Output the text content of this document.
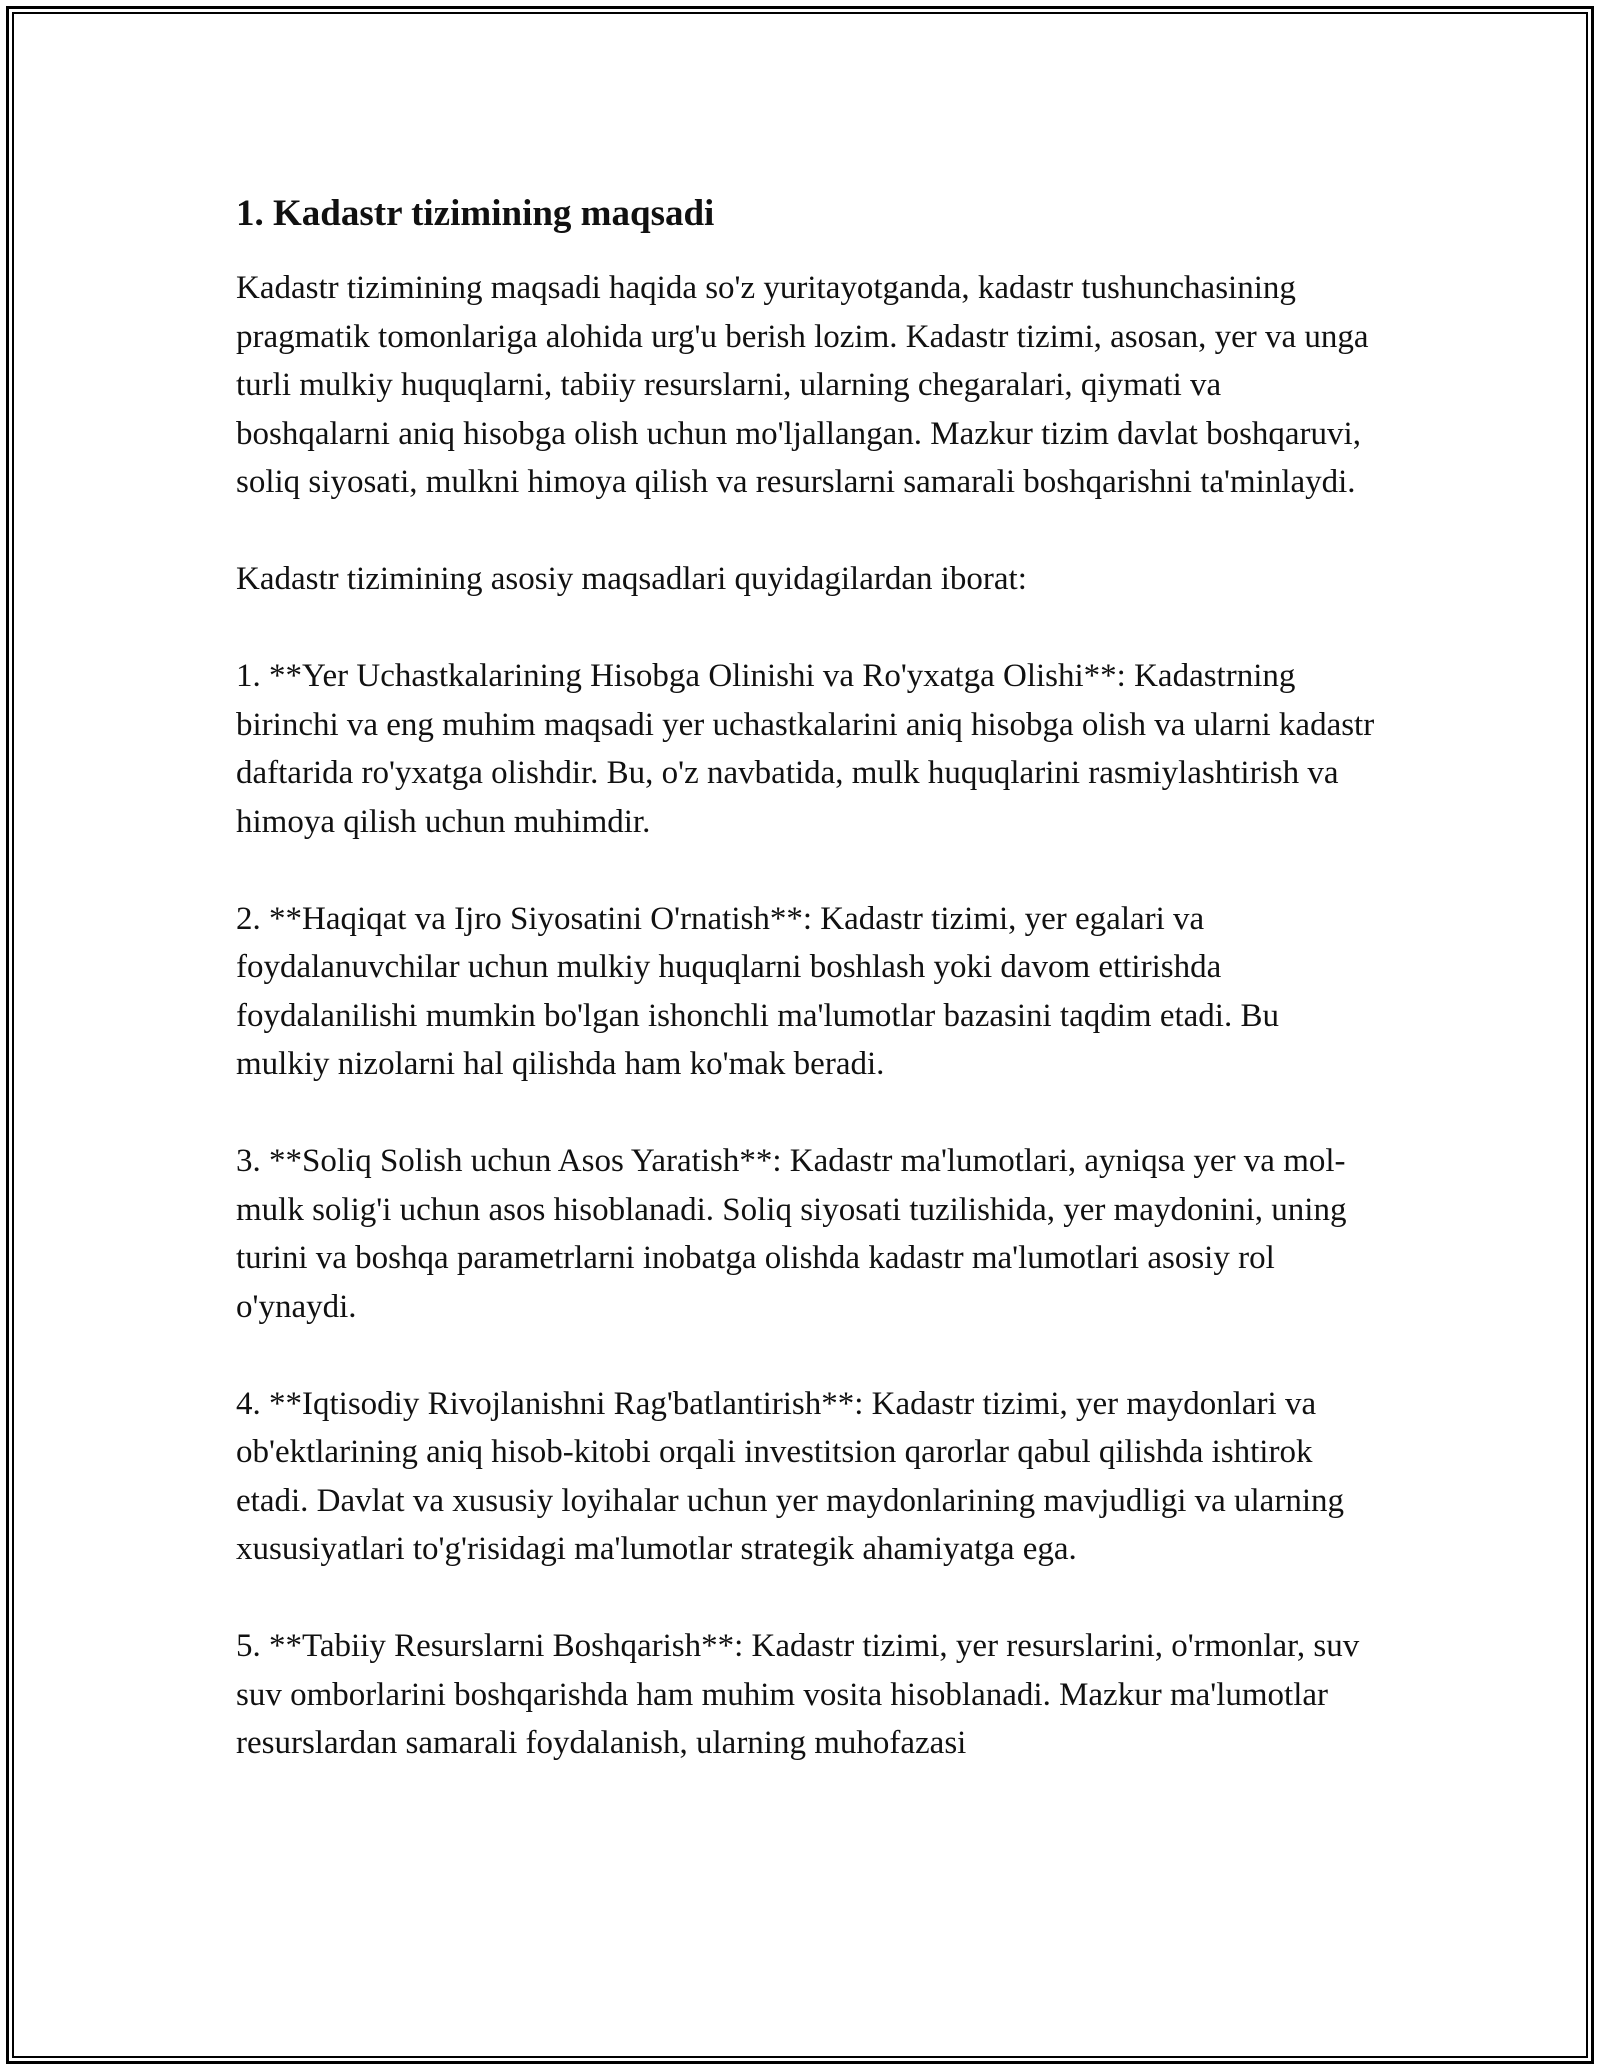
1. Kadastr tizimining maqsadi

Kadastr tizimining maqsadi haqida so'z yuritayotganda, kadastr tushunchasining pragmatik tomonlariga alohida urg'u berish lozim. Kadastr tizimi, asosan, yer va unga turli mulkiy huquqlarni, tabiiy resurslarni, ularning chegaralari, qiymati va boshqalarni aniq hisobga olish uchun mo'ljallangan. Mazkur tizim davlat boshqaruvi, soliq siyosati, mulkni himoya qilish va resurslarni samarali boshqarishni ta'minlaydi.

Kadastr tizimining asosiy maqsadlari quyidagilardan iborat:

1. **Yer Uchastkalarining Hisobga Olinishi va Ro'yxatga Olishi**: Kadastrning birinchi va eng muhim maqsadi yer uchastkalarini aniq hisobga olish va ularni kadastr daftarida ro'yxatga olishdir. Bu, o'z navbatida, mulk huquqlarini rasmiylashtirish va himoya qilish uchun muhimdir.

2. **Haqiqat va Ijro Siyosatini O'rnatish**: Kadastr tizimi, yer egalari va foydalanuvchilar uchun mulkiy huquqlarni boshlash yoki davom ettirishda foydalanilishi mumkin bo'lgan ishonchli ma'lumotlar bazasini taqdim etadi. Bu mulkiy nizolarni hal qilishda ham ko'mak beradi.

3. **Soliq Solish uchun Asos Yaratish**: Kadastr ma'lumotlari, ayniqsa yer va mol-mulk solig'i uchun asos hisoblanadi. Soliq siyosati tuzilishida, yer maydonini, uning turini va boshqa parametrlarni inobatga olishda kadastr ma'lumotlari asosiy rol o'ynaydi.

4. **Iqtisodiy Rivojlanishni Rag'batlantirish**: Kadastr tizimi, yer maydonlari va ob'ektlarining aniq hisob-kitobi orqali investitsion qarorlar qabul qilishda ishtirok etadi. Davlat va xususiy loyihalar uchun yer maydonlarining mavjudligi va ularning xususiyatlari to'g'risidagi ma'lumotlar strategik ahamiyatga ega.

5. **Tabiiy Resurslarni Boshqarish**: Kadastr tizimi, yer resurslarini, o'rmonlar, suv suv omborlarini boshqarishda ham muhim vosita hisoblanadi. Mazkur ma'lumotlar resurslardan samarali foydalanish, ularning muhofazasi
